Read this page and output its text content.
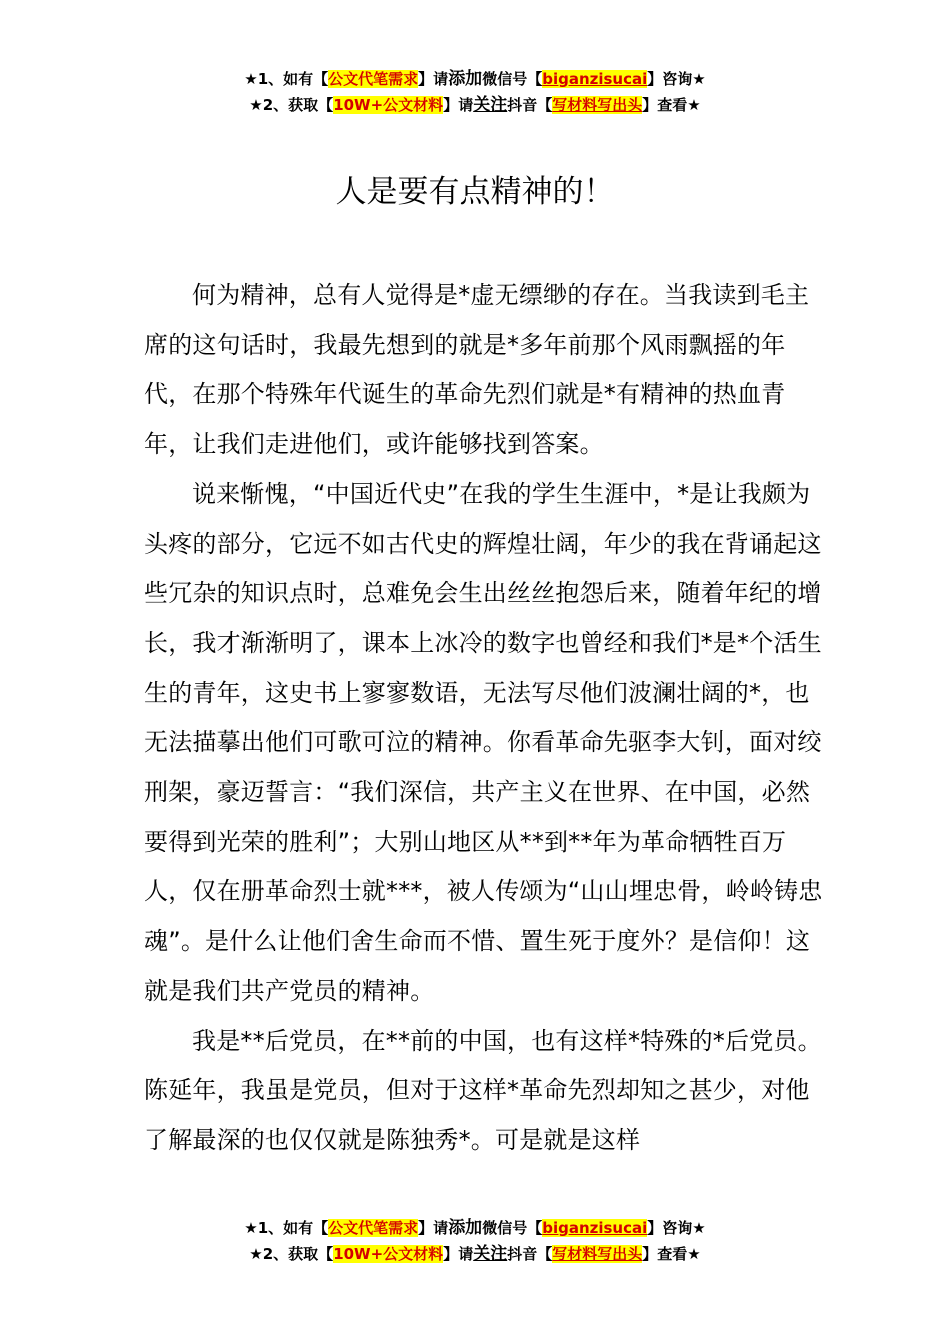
★1、如有【公文代笔需求】请添加微信号【biganzisucai】咨询★
★2、获取【10W+公文材料】请关注抖音【写材料写出头】查看★
人是要有点精神的！

何为精神，总有人觉得是*虚无缥缈的存在。当我读到毛主席的这句话时，我最先想到的就是*多年前那个风雨飘摇的年代，在那个特殊年代诞生的革命先烈们就是*有精神的热血青年，让我们走进他们，或许能够找到答案。

说来惭愧，“中国近代史”在我的学生生涯中，*是让我颇为头疼的部分，它远不如古代史的辉煌壮阔，年少的我在背诵起这些冗杂的知识点时，总难免会生出丝丝抱怨后来，随着年纪的增长，我才渐渐明了，课本上冰冷的数字也曾经和我们*是*个活生生的青年，这史书上寥寥数语，无法写尽他们波澜壮阔的*，也无法描摹出他们可歌可泣的精神。你看革命先驱李大钊，面对绞刑架，豪迈誓言：“我们深信，共产主义在世界、在中国，必然要得到光荣的胜利”；大别山地区从**到**年为革命牺牲百万人，仅在册革命烈士就***，被人传颂为“山山埋忠骨，岭岭铸忠魂”。是什么让他们舍生命而不惜、置生死于度外？是信仰！这就是我们共产党员的精神。

我是**后党员，在**前的中国，也有这样*特殊的*后党员。陈延年，我虽是党员，但对于这样*革命先烈却知之甚少，对他了解最深的也仅仅就是陈独秀*。可是就是这样

★1、如有【公文代笔需求】请添加微信号【biganzisucai】咨询★
★2、获取【10W+公文材料】请关注抖音【写材料写出头】查看★
